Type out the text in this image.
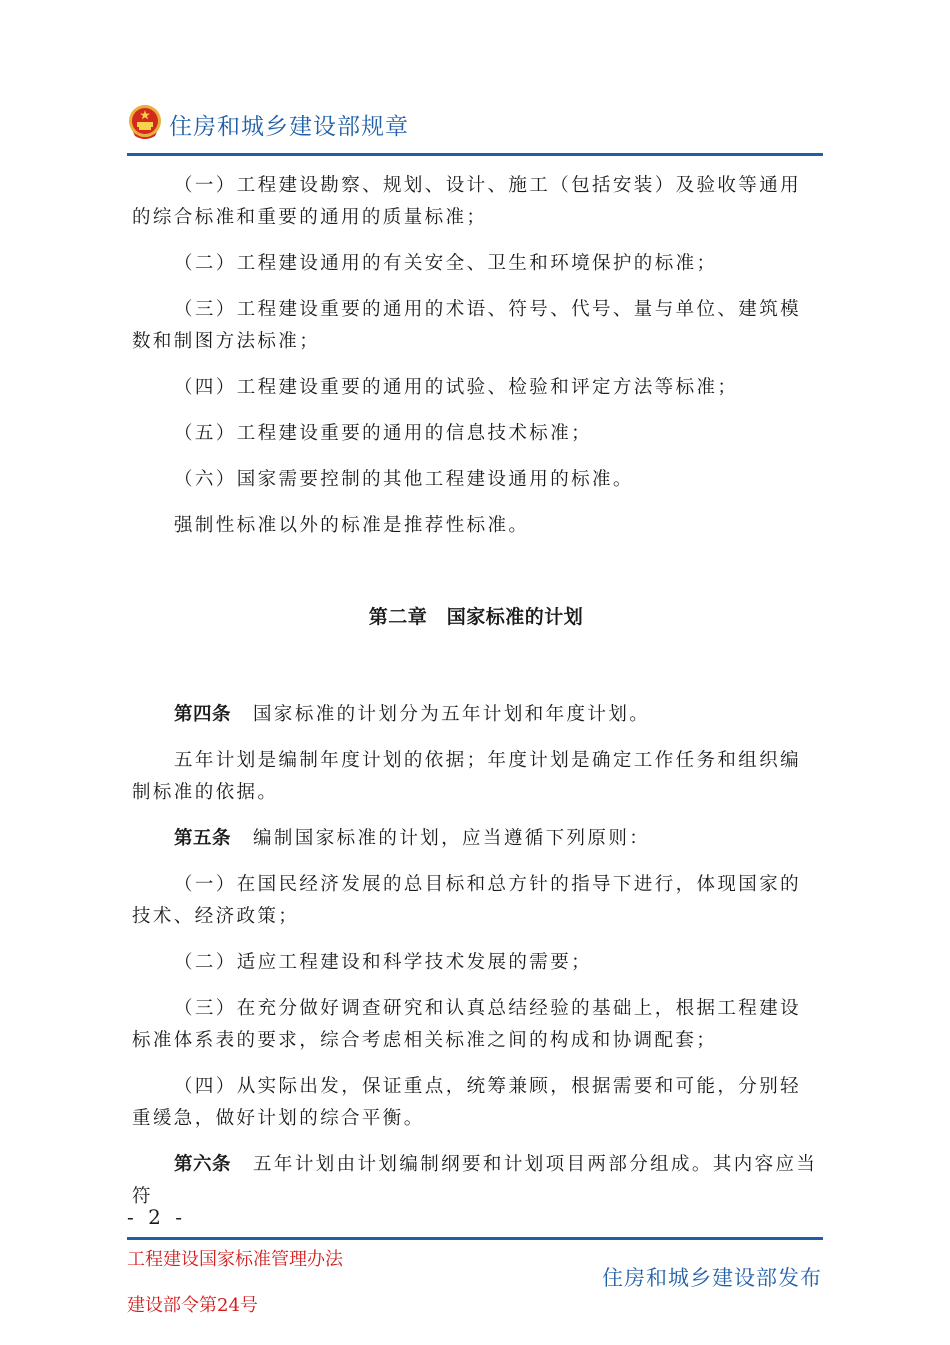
住房和城乡建设部规章

（一）工程建设勘察、规划、设计、施工（包括安装）及验收等通用的综合标准和重要的通用的质量标准；

（二）工程建设通用的有关安全、卫生和环境保护的标准；

（三）工程建设重要的通用的术语、符号、代号、量与单位、建筑模数和制图方法标准；

（四）工程建设重要的通用的试验、检验和评定方法等标准；

（五）工程建设重要的通用的信息技术标准；

（六）国家需要控制的其他工程建设通用的标准。

强制性标准以外的标准是推荐性标准。

第二章　国家标准的计划

第四条 国家标准的计划分为五年计划和年度计划。

五年计划是编制年度计划的依据；年度计划是确定工作任务和组织编制标准的依据。

第五条 编制国家标准的计划，应当遵循下列原则：

（一）在国民经济发展的总目标和总方针的指导下进行，体现国家的技术、经济政策；

（二）适应工程建设和科学技术发展的需要；

（三）在充分做好调查研究和认真总结经验的基础上，根据工程建设标准体系表的要求，综合考虑相关标准之间的构成和协调配套；

（四）从实际出发，保证重点，统筹兼顾，根据需要和可能，分别轻重缓急，做好计划的综合平衡。

第六条 五年计划由计划编制纲要和计划项目两部分组成。其内容应当符

- 2 -
工程建设国家标准管理办法
建设部令第24号
住房和城乡建设部发布
